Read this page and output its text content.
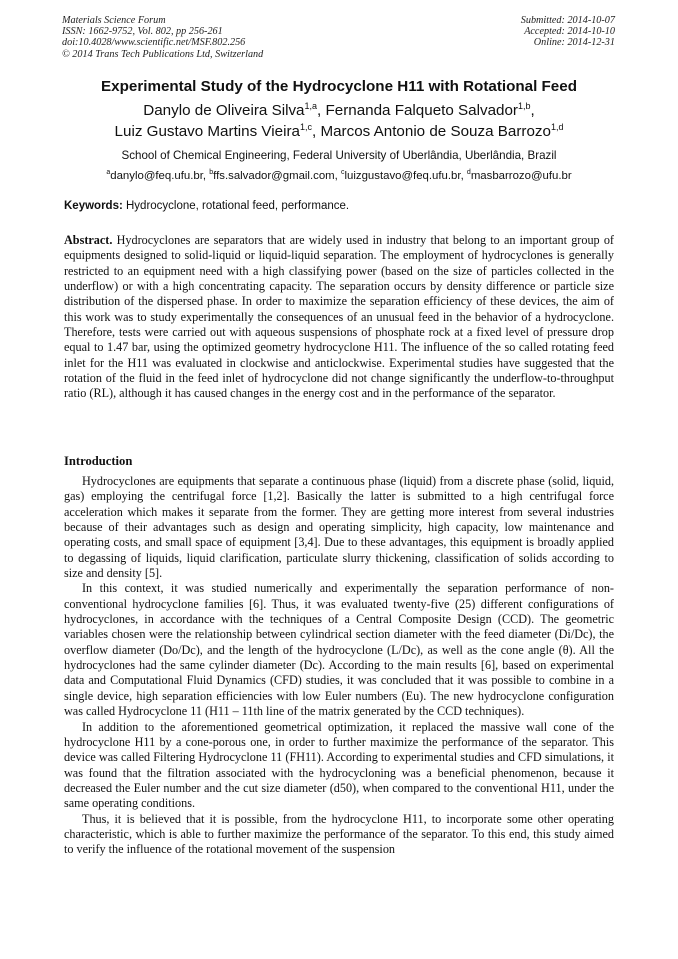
Materials Science Forum
ISSN: 1662-9752, Vol. 802, pp 256-261
doi:10.4028/www.scientific.net/MSF.802.256
© 2014 Trans Tech Publications Ltd, Switzerland
Submitted: 2014-10-07
Accepted: 2014-10-10
Online: 2014-12-31
Experimental Study of the Hydrocyclone H11 with Rotational Feed
Danylo de Oliveira Silva$^{1,a}$, Fernanda Falqueto Salvador$^{1,b}$,
Luiz Gustavo Martins Vieira$^{1,c}$, Marcos Antonio de Souza Barrozo$^{1,d}$
School of Chemical Engineering, Federal University of Uberlândia, Uberlândia, Brazil
$^a$danylo@feq.ufu.br, $^b$ffs.salvador@gmail.com, $^c$luizgustavo@feq.ufu.br, $^d$masbarrozo@ufu.br
Keywords: Hydrocyclone, rotational feed, performance.
Abstract. Hydrocyclones are separators that are widely used in industry that belong to an important group of equipments designed to solid-liquid or liquid-liquid separation. The employment of hydrocyclones is generally restricted to an equipment need with a high classifying power (based on the size of particles collected in the underflow) or with a high concentrating capacity. The separation occurs by density difference or particle size distribution of the dispersed phase. In order to maximize the separation efficiency of these devices, the aim of this work was to study experimentally the consequences of an unusual feed in the behavior of a hydrocyclone. Therefore, tests were carried out with aqueous suspensions of phosphate rock at a fixed level of pressure drop equal to 1.47 bar, using the optimized geometry hydrocyclone H11. The influence of the so called rotating feed inlet for the H11 was evaluated in clockwise and anticlockwise. Experimental studies have suggested that the rotation of the fluid in the feed inlet of hydrocyclone did not change significantly the underflow-to-throughput ratio (RL), although it has caused changes in the energy cost and in the performance of the separator.
Introduction

Hydrocyclones are equipments that separate a continuous phase (liquid) from a discrete phase (solid, liquid, gas) employing the centrifugal force [1,2]. Basically the latter is submitted to a high centrifugal force acceleration which makes it separate from the former. They are getting more interest from several industries because of their advantages such as design and operating simplicity, high capacity, low maintenance and operating costs, and small space of equipment [3,4]. Due to these advantages, this equipment is broadly applied to degassing of liquids, liquid clarification, particulate slurry thickening, classification of solids according to size and density [5].

In this context, it was studied numerically and experimentally the separation performance of non-conventional hydrocyclone families [6]. Thus, it was evaluated twenty-five (25) different configurations of hydrocyclones, in accordance with the techniques of a Central Composite Design (CCD). The geometric variables chosen were the relationship between cylindrical section diameter with the feed diameter (Di/Dc), the overflow diameter (Do/Dc), and the length of the hydrocyclone (L/Dc), as well as the cone angle (θ). All the hydrocyclones had the same cylinder diameter (Dc). According to the main results [6], based on experimental data and Computational Fluid Dynamics (CFD) studies, it was concluded that it was possible to combine in a single device, high separation efficiencies with low Euler numbers (Eu). The new hydrocyclone configuration was called Hydrocyclone 11 (H11 – 11th line of the matrix generated by the CCD techniques).

In addition to the aforementioned geometrical optimization, it replaced the massive wall cone of the hydrocyclone H11 by a cone-porous one, in order to further maximize the performance of the separator. This device was called Filtering Hydrocyclone 11 (FH11). According to experimental studies and CFD simulations, it was found that the filtration associated with the hydrocycloning was a beneficial phenomenon, because it decreased the Euler number and the cut size diameter (d50), when compared to the conventional H11, under the same operating conditions.

Thus, it is believed that it is possible, from the hydrocyclone H11, to incorporate some other operating characteristic, which is able to further maximize the performance of the separator. To this end, this study aimed to verify the influence of the rotational movement of the suspension
